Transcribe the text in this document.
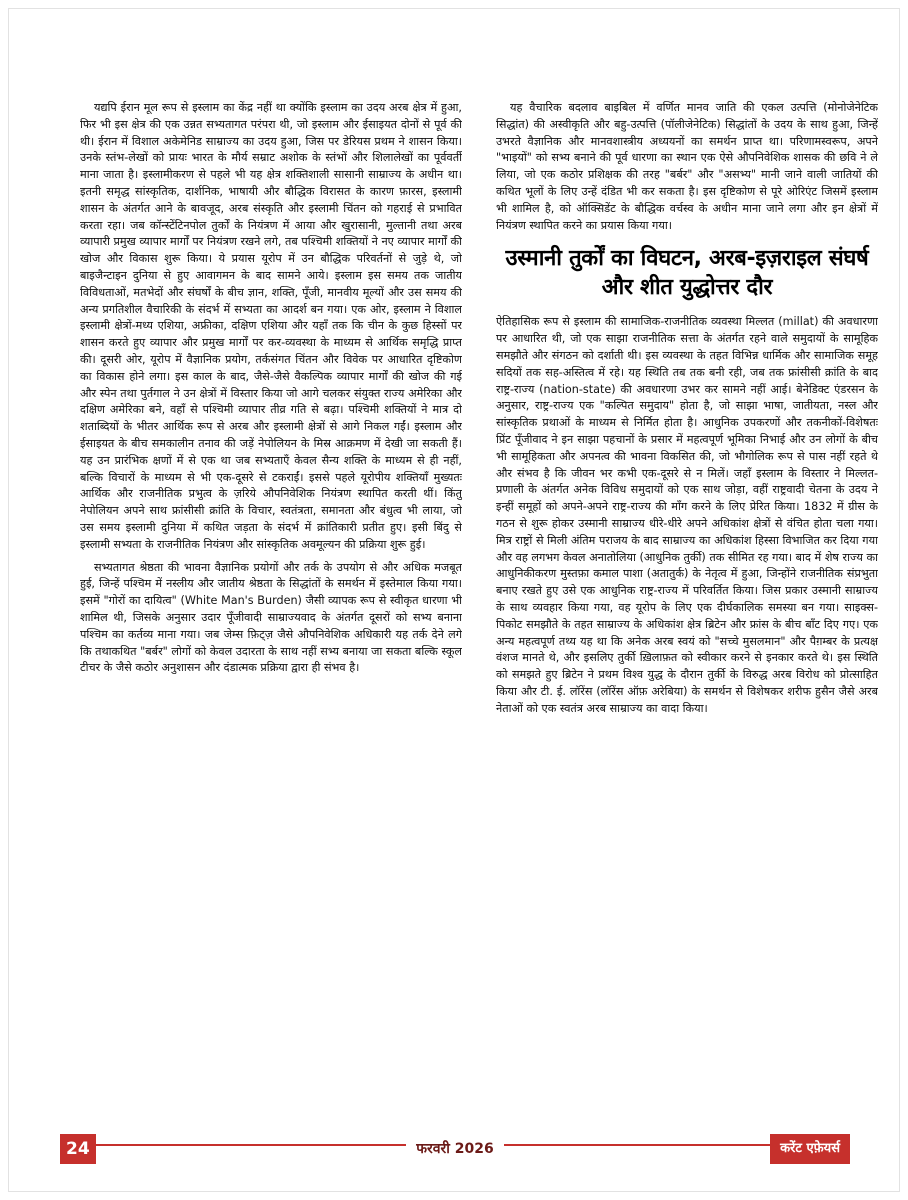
यद्यपि ईरान मूल रूप से इस्लाम का केंद्र नहीं था क्योंकि इस्लाम का उदय अरब क्षेत्र में हुआ, फिर भी इस क्षेत्र की एक उन्नत सभ्यतागत परंपरा थी, जो इस्लाम और ईसाइयत दोनों से पूर्व की थी। ईरान में विशाल अकेमेनिड साम्राज्य का उदय हुआ, जिस पर डेरियस प्रथम ने शासन किया। उनके स्तंभ-लेखों को प्रायः भारत के मौर्य सम्राट अशोक के स्तंभों और शिलालेखों का पूर्ववर्ती माना जाता है। इस्लामीकरण से पहले भी यह क्षेत्र शक्तिशाली सासानी साम्राज्य के अधीन था। इतनी समृद्ध सांस्कृतिक, दार्शनिक, भाषायी और बौद्धिक विरासत के कारण फ़ारस, इस्लामी शासन के अंतर्गत आने के बावजूद, अरब संस्कृति और इस्लामी चिंतन को गहराई से प्रभावित करता रहा। जब कॉन्स्टेंटिनपोल तुर्कों के नियंत्रण में आया और खुरासानी, मुल्तानी तथा अरब व्यापारी प्रमुख व्यापार मार्गों पर नियंत्रण रखने लगे, तब पश्चिमी शक्तियों ने नए व्यापार मार्गों की खोज और विकास शुरू किया। ये प्रयास यूरोप में उन बौद्धिक परिवर्तनों से जुड़े थे, जो बाइजैन्टाइन दुनिया से हुए आवागमन के बाद सामने आये। इस्लाम इस समय तक जातीय विविधताओं, मतभेदों और संघर्षों के बीच ज्ञान, शक्ति, पूँजी, मानवीय मूल्यों और उस समय की अन्य प्रगतिशील वैचारिकी के संदर्भ में सभ्यता का आदर्श बन गया। एक ओर, इस्लाम ने विशाल इस्लामी क्षेत्रों-मध्य एशिया, अफ्रीका, दक्षिण एशिया और यहाँ तक कि चीन के कुछ हिस्सों पर शासन करते हुए व्यापार और प्रमुख मार्गों पर कर-व्यवस्था के माध्यम से आर्थिक समृद्धि प्राप्त की। दूसरी ओर, यूरोप में वैज्ञानिक प्रयोग, तर्कसंगत चिंतन और विवेक पर आधारित दृष्टिकोण का विकास होने लगा। इस काल के बाद, जैसे-जैसे वैकल्पिक व्यापार मार्गों की खोज की गई और स्पेन तथा पुर्तगाल ने उन क्षेत्रों में विस्तार किया जो आगे चलकर संयुक्त राज्य अमेरिका और दक्षिण अमेरिका बने, वहाँ से पश्चिमी व्यापार तीव्र गति से बढ़ा। पश्चिमी शक्तियों ने मात्र दो शताब्दियों के भीतर आर्थिक रूप से अरब और इस्लामी क्षेत्रों से आगे निकल गईं। इस्लाम और ईसाइयत के बीच समकालीन तनाव की जड़ें नेपोलियन के मिस्र आक्रमण में देखी जा सकती हैं। यह उन प्रारंभिक क्षणों में से एक था जब सभ्यताएँ केवल सैन्य शक्ति के माध्यम से ही नहीं, बल्कि विचारों के माध्यम से भी एक-दूसरे से टकराईं। इससे पहले यूरोपीय शक्तियाँ मुख्यतः आर्थिक और राजनीतिक प्रभुत्व के ज़रिये औपनिवेशिक नियंत्रण स्थापित करती थीं। किंतु नेपोलियन अपने साथ फ्रांसीसी क्रांति के विचार, स्वतंत्रता, समानता और बंधुत्व भी लाया, जो उस समय इस्लामी दुनिया में कथित जड़ता के संदर्भ में क्रांतिकारी प्रतीत हुए। इसी बिंदु से इस्लामी सभ्यता के राजनीतिक नियंत्रण और सांस्कृतिक अवमूल्यन की प्रक्रिया शुरू हुई।

सभ्यतागत श्रेष्ठता की भावना वैज्ञानिक प्रयोगों और तर्क के उपयोग से और अधिक मजबूत हुई, जिन्हें पश्चिम में नस्लीय और जातीय श्रेष्ठता के सिद्धांतों के समर्थन में इस्तेमाल किया गया। इसमें "गोरों का दायित्व" (White Man's Burden) जैसी व्यापक रूप से स्वीकृत धारणा भी शामिल थी, जिसके अनुसार उदार पूँजीवादी साम्राज्यवाद के अंतर्गत दूसरों को सभ्य बनाना पश्चिम का कर्तव्य माना गया। जब जेम्स फ़िट्ज़ जैसे औपनिवेशिक अधिकारी यह तर्क देने लगे कि तथाकथित "बर्बर" लोगों को केवल उदारता के साथ नहीं सभ्य बनाया जा सकता बल्कि स्कूल टीचर के जैसे कठोर अनुशासन और दंडात्मक प्रक्रिया द्वारा ही संभव है।

यह वैचारिक बदलाव बाइबिल में वर्णित मानव जाति की एकल उत्पत्ति (मोनोजेनेटिक सिद्धांत) की अस्वीकृति और बहु-उत्पत्ति (पॉलीजेनेटिक) सिद्धांतों के उदय के साथ हुआ, जिन्हें उभरते वैज्ञानिक और मानवशास्त्रीय अध्ययनों का समर्थन प्राप्त था। परिणामस्वरूप, अपने "भाइयों" को सभ्य बनाने की पूर्व धारणा का स्थान एक ऐसे औपनिवेशिक शासक की छवि ने ले लिया, जो एक कठोर प्रशिक्षक की तरह "बर्बर" और "असभ्य" मानी जाने वाली जातियों की कथित भूलों के लिए उन्हें दंडित भी कर सकता है। इस दृष्टिकोण से पूरे ओरिएंट जिसमें इस्लाम भी शामिल है, को ऑक्सिडेंट के बौद्धिक वर्चस्व के अधीन माना जाने लगा और इन क्षेत्रों में नियंत्रण स्थापित करने का प्रयास किया गया।

उस्मानी तुर्कों का विघटन, अरब-इज़राइल संघर्ष और शीत युद्धोत्तर दौर

ऐतिहासिक रूप से इस्लाम की सामाजिक-राजनीतिक व्यवस्था मिल्लत (millat) की अवधारणा पर आधारित थी, जो एक साझा राजनीतिक सत्ता के अंतर्गत रहने वाले समुदायों के सामूहिक समझौते और संगठन को दर्शाती थी। इस व्यवस्था के तहत विभिन्न धार्मिक और सामाजिक समूह सदियों तक सह-अस्तित्व में रहे। यह स्थिति तब तक बनी रही, जब तक फ्रांसीसी क्रांति के बाद राष्ट्र-राज्य (nation-state) की अवधारणा उभर कर सामने नहीं आई। बेनेडिक्ट एंडरसन के अनुसार, राष्ट्र-राज्य एक "कल्पित समुदाय" होता है, जो साझा भाषा, जातीयता, नस्ल और सांस्कृतिक प्रथाओं के माध्यम से निर्मित होता है। आधुनिक उपकरणों और तकनीकों-विशेषतः प्रिंट पूँजीवाद ने इन साझा पहचानों के प्रसार में महत्वपूर्ण भूमिका निभाई और उन लोगों के बीच भी सामूहिकता और अपनत्व की भावना विकसित की, जो भौगोलिक रूप से पास नहीं रहते थे और संभव है कि जीवन भर कभी एक-दूसरे से न मिलें। जहाँ इस्लाम के विस्तार ने मिल्लत-प्रणाली के अंतर्गत अनेक विविध समुदायों को एक साथ जोड़ा, वहीं राष्ट्रवादी चेतना के उदय ने इन्हीं समूहों को अपने-अपने राष्ट्र-राज्य की माँग करने के लिए प्रेरित किया। 1832 में ग्रीस के गठन से शुरू होकर उस्मानी साम्राज्य धीरे-धीरे अपने अधिकांश क्षेत्रों से वंचित होता चला गया। मित्र राष्ट्रों से मिली अंतिम पराजय के बाद साम्राज्य का अधिकांश हिस्सा विभाजित कर दिया गया और वह लगभग केवल अनातोलिया (आधुनिक तुर्की) तक सीमित रह गया। बाद में शेष राज्य का आधुनिकीकरण मुस्तफ़ा कमाल पाशा (अतातुर्क) के नेतृत्व में हुआ, जिन्होंने राजनीतिक संप्रभुता बनाए रखते हुए उसे एक आधुनिक राष्ट्र-राज्य में परिवर्तित किया। जिस प्रकार उस्मानी साम्राज्य के साथ व्यवहार किया गया, वह यूरोप के लिए एक दीर्घकालिक समस्या बन गया। साइक्स-पिकोट समझौते के तहत साम्राज्य के अधिकांश क्षेत्र ब्रिटेन और फ्रांस के बीच बाँट दिए गए। एक अन्य महत्वपूर्ण तथ्य यह था कि अनेक अरब स्वयं को "सच्चे मुसलमान" और पैग़म्बर के प्रत्यक्ष वंशज मानते थे, और इसलिए तुर्की ख़िलाफ़त को स्वीकार करने से इनकार करते थे। इस स्थिति को समझते हुए ब्रिटेन ने प्रथम विश्व युद्ध के दौरान तुर्की के विरुद्ध अरब विरोध को प्रोत्साहित किया और टी. ई. लॉरेंस (लॉरेंस ऑफ़ अरेबिया) के समर्थन से विशेषकर शरीफ हुसैन जैसे अरब नेताओं को एक स्वतंत्र अरब साम्राज्य का वादा किया।

24	फरवरी 2026	करेंट एफ़ेयर्स
